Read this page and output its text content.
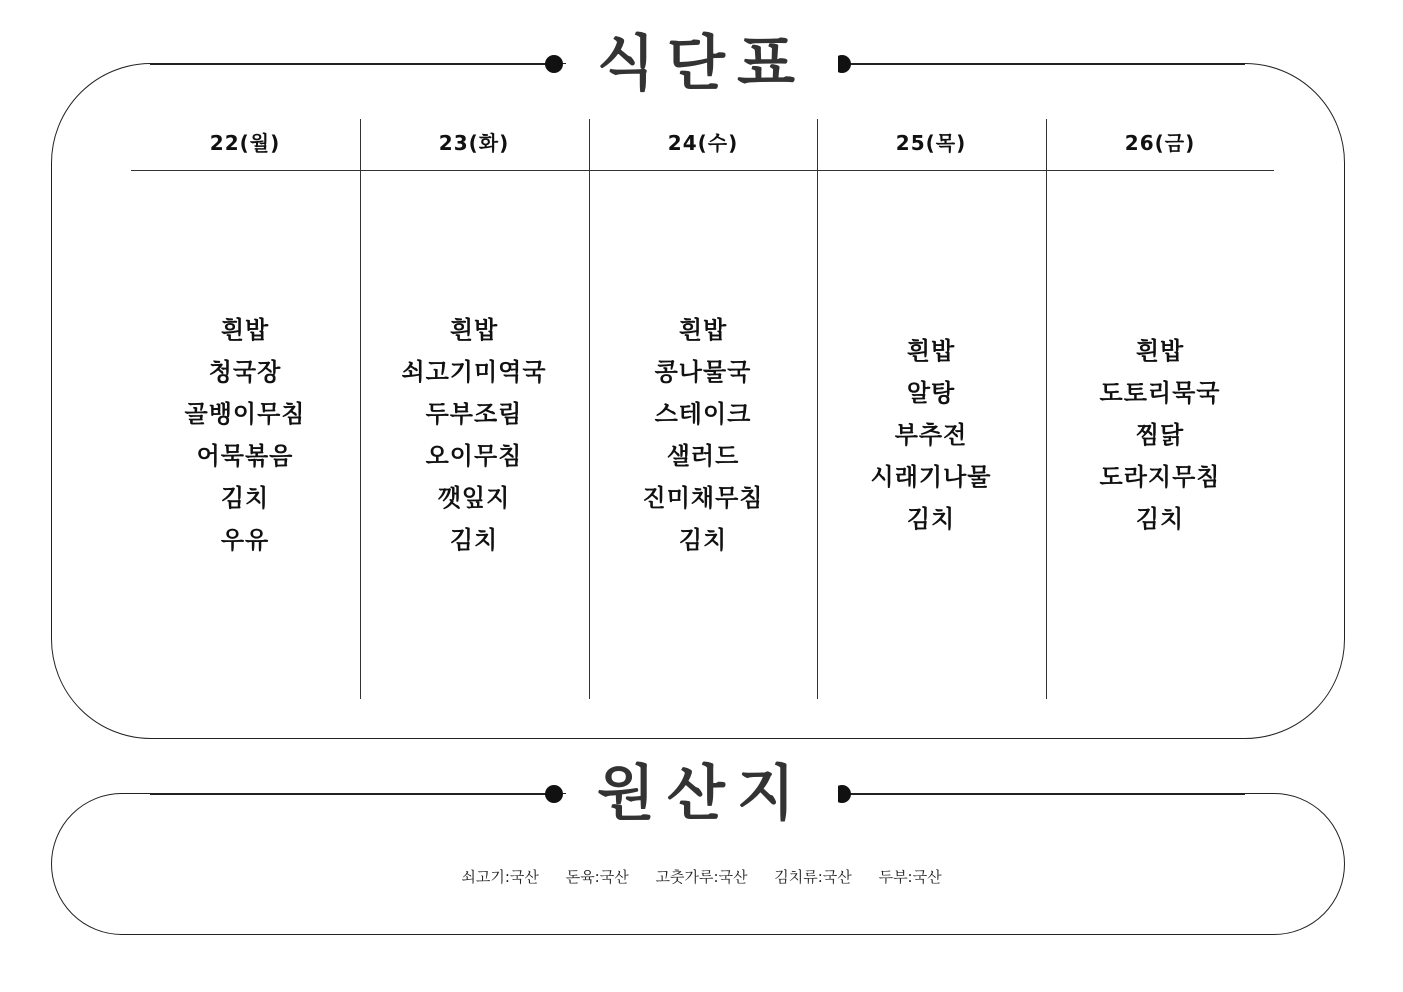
식단표
22(월)
흰밥
청국장
골뱅이무침
어묵볶음
김치
우유
23(화)
흰밥
쇠고기미역국
두부조림
오이무침
깻잎지
김치
24(수)
흰밥
콩나물국
스테이크
샐러드
진미채무침
김치
25(목)
흰밥
알탕
부추전
시래기나물
김치
26(금)
흰밥
도토리묵국
찜닭
도라지무침
김치
원산지
쇠고기:국산 돈육:국산 고춧가루:국산 김치류:국산 두부:국산
